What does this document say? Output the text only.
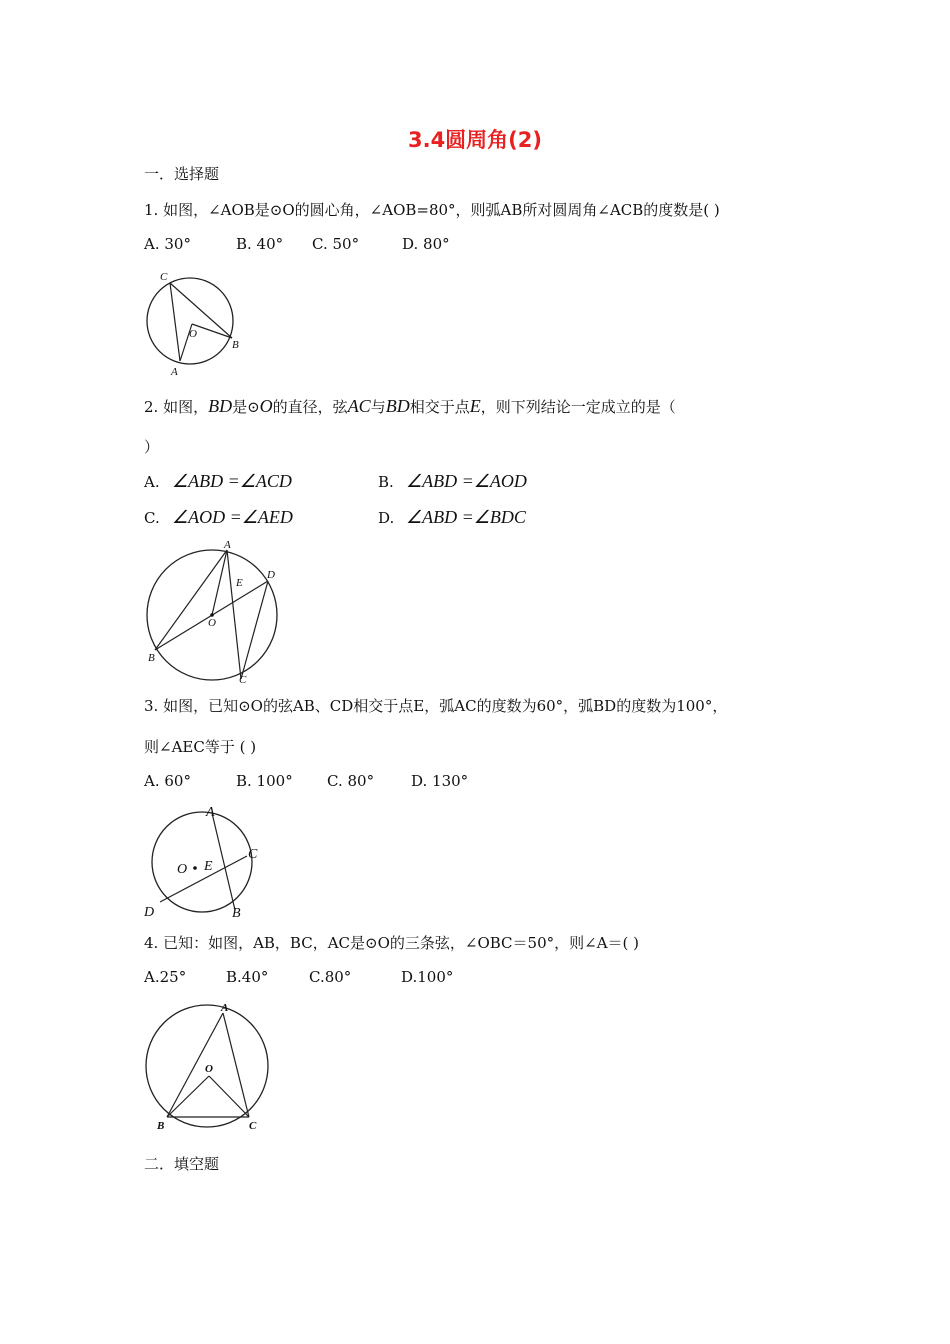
3.4圆周角(2)
一．选择题
1. 如图，∠AOB是⊙O的圆心角，∠AOB=80°，则弧AB所对圆周角∠ACB的度数是( )
A. 30°	B. 40° C. 50°	D. 80°
C
O
B
A
2. 如图，BD是⊙O的直径，弦AC与BD相交于点E，则下列结论一定成立的是（
）
A. ∠ABD =∠ACD	B. ∠ABD =∠AOD
C. ∠AOD =∠AED	D. ∠ABD =∠BDC
A
E
D
O
B
C
3. 如图，已知⊙O的弦AB、CD相交于点E，弧AC的度数为60°，弧BD的度数为100°，
则∠AEC等于 ( )
A. 60°	B. 100° C. 80° D. 130°
A
C
O E
D	B
4. 已知：如图，AB，BC，AC是⊙O的三条弦，∠OBC＝50°，则∠A＝( )
A.25°	B.40°	C.80°	D.100°
A
O
B	C
二．填空题
